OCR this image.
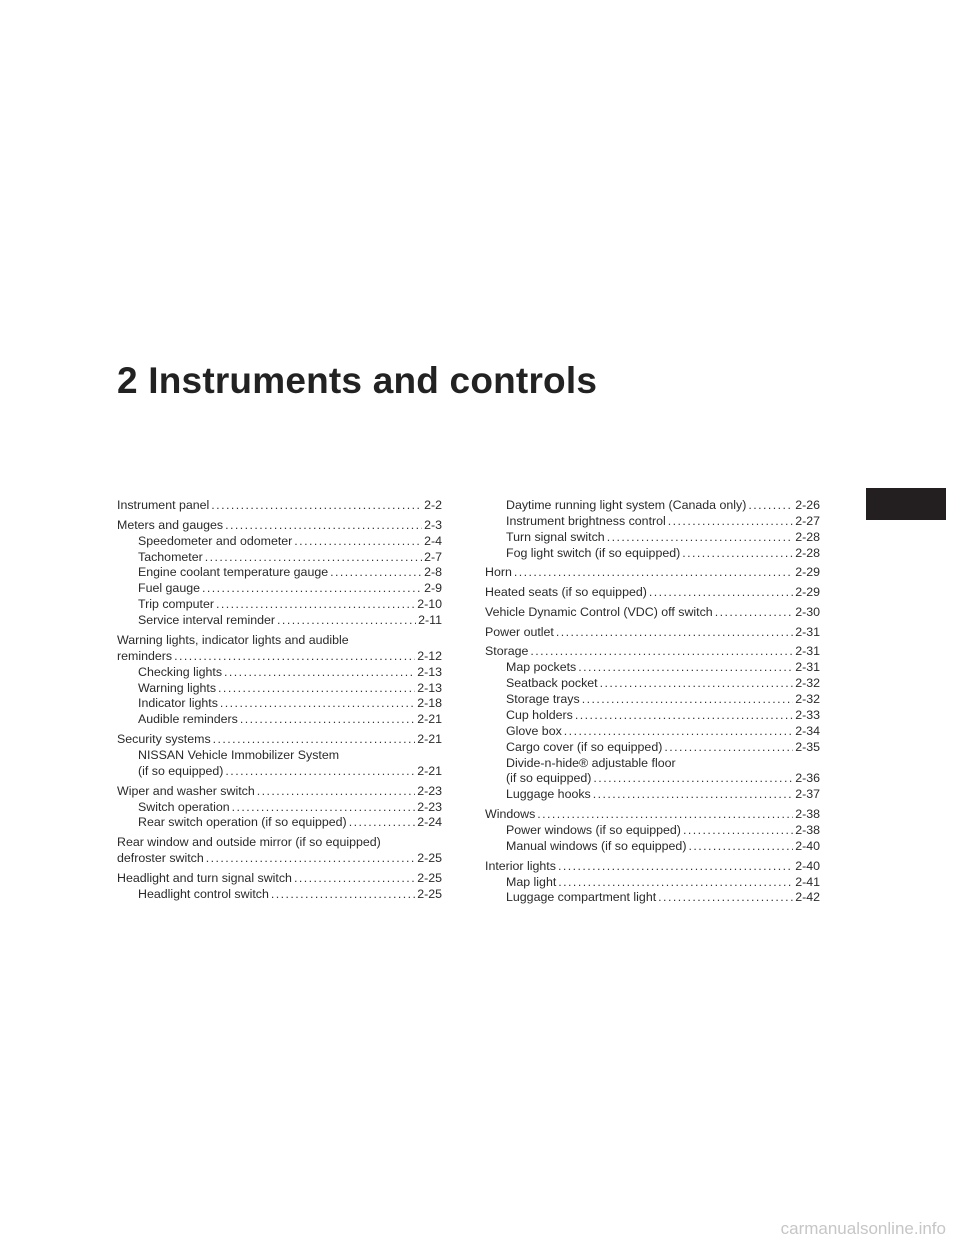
2 Instruments and controls
Instrument panel . . .	2-2
Meters and gauges . . .	2-3
Speedometer and odometer . . .	2-4
Tachometer . . .	2-7
Engine coolant temperature gauge . . .	2-8
Fuel gauge . . .	2-9
Trip computer . . .	2-10
Service interval reminder . . .	2-11
Warning lights, indicator lights and audible
reminders . . .	2-12
Checking lights . . .	2-13
Warning lights . . .	2-13
Indicator lights . . .	2-18
Audible reminders . . .	2-21
Security systems . . .	2-21
NISSAN Vehicle Immobilizer System
(if so equipped) . . .	2-21
Wiper and washer switch . . .	2-23
Switch operation . . .	2-23
Rear switch operation (if so equipped) . . .	2-24
Rear window and outside mirror (if so equipped)
defroster switch . . .	2-25
Headlight and turn signal switch . . .	2-25
Headlight control switch . . .	2-25
Daytime running light system (Canada only) . . .	2-26
Instrument brightness control . . .	2-27
Turn signal switch . . .	2-28
Fog light switch (if so equipped) . . .	2-28
Horn . . .	2-29
Heated seats (if so equipped) . . .	2-29
Vehicle Dynamic Control (VDC) off switch . . .	2-30
Power outlet . . .	2-31
Storage . . .	2-31
Map pockets . . .	2-31
Seatback pocket . . .	2-32
Storage trays . . .	2-32
Cup holders . . .	2-33
Glove box . . .	2-34
Cargo cover (if so equipped) . . .	2-35
Divide-n-hide® adjustable floor
(if so equipped) . . .	2-36
Luggage hooks . . .	2-37
Windows . . .	2-38
Power windows (if so equipped) . . .	2-38
Manual windows (if so equipped) . . .	2-40
Interior lights . . .	2-40
Map light . . .	2-41
Luggage compartment light . . .	2-42
carmanualsonline.info
